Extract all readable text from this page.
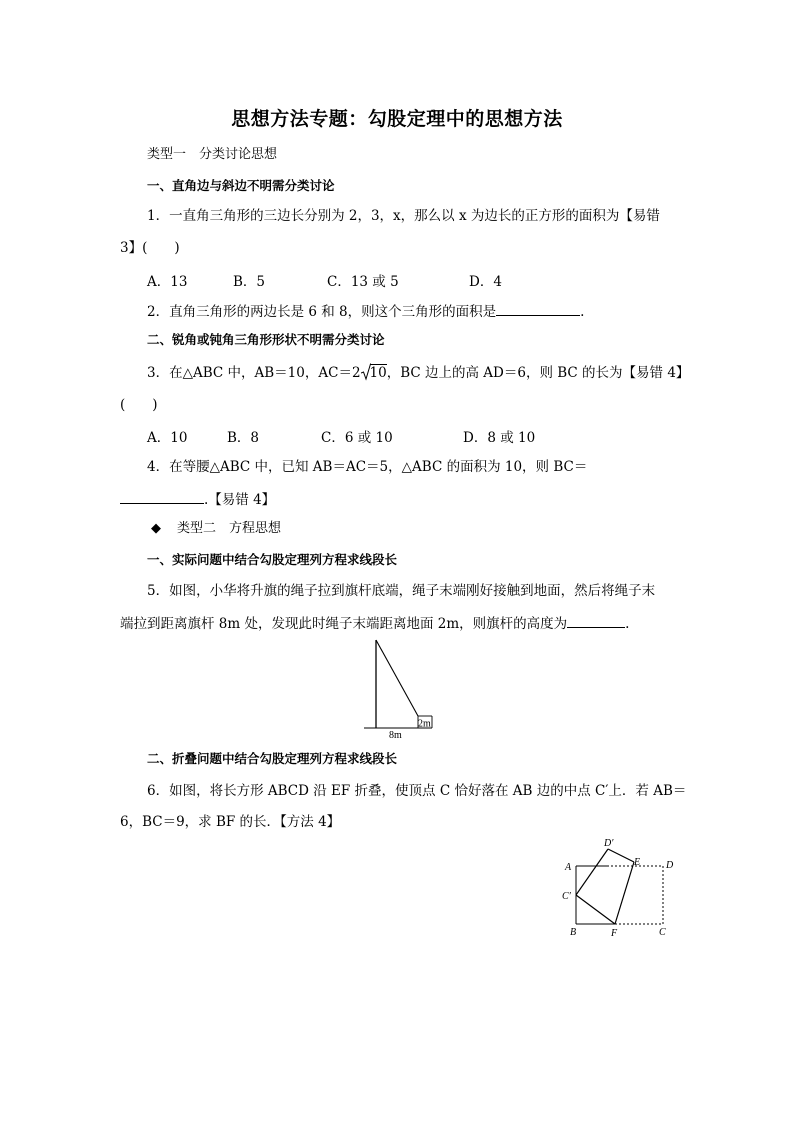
思想方法专题：勾股定理中的思想方法
类型一　分类讨论思想
一、直角边与斜边不明需分类讨论
1．一直角三角形的三边长分别为 2，3，x，那么以 x 为边长的正方形的面积为【易错
3】(　　)
A．13	B．5	C．13 或 5	D．4
2．直角三角形的两边长是 6 和 8，则这个三角形的面积是	.
二、锐角或钝角三角形形状不明需分类讨论
3．在△ABC 中，AB＝10，AC＝2 10，BC 边上的高 AD＝6，则 BC 的长为【易错 4】
(　　)
A．10	B．8	C．6 或 10	D．8 或 10
4．在等腰△ABC 中，已知 AB＝AC＝5，△ABC 的面积为 10，则 BC＝
.【易错 4】
◆ 类型二　方程思想
一、实际问题中结合勾股定理列方程求线段长
5．如图，小华将升旗的绳子拉到旗杆底端，绳子末端刚好接触到地面，然后将绳子末
端拉到距离旗杆 8m 处，发现此时绳子末端距离地面 2m，则旗杆的高度为	.
2m
8m
二、折叠问题中结合勾股定理列方程求线段长
6．如图，将长方形 ABCD 沿 EF 折叠，使顶点 C 恰好落在 AB 边的中点 C′上．若 AB＝
6，BC＝9，求 BF 的长．【方法 4】
A
B	C
D
E
F
C′
D′
